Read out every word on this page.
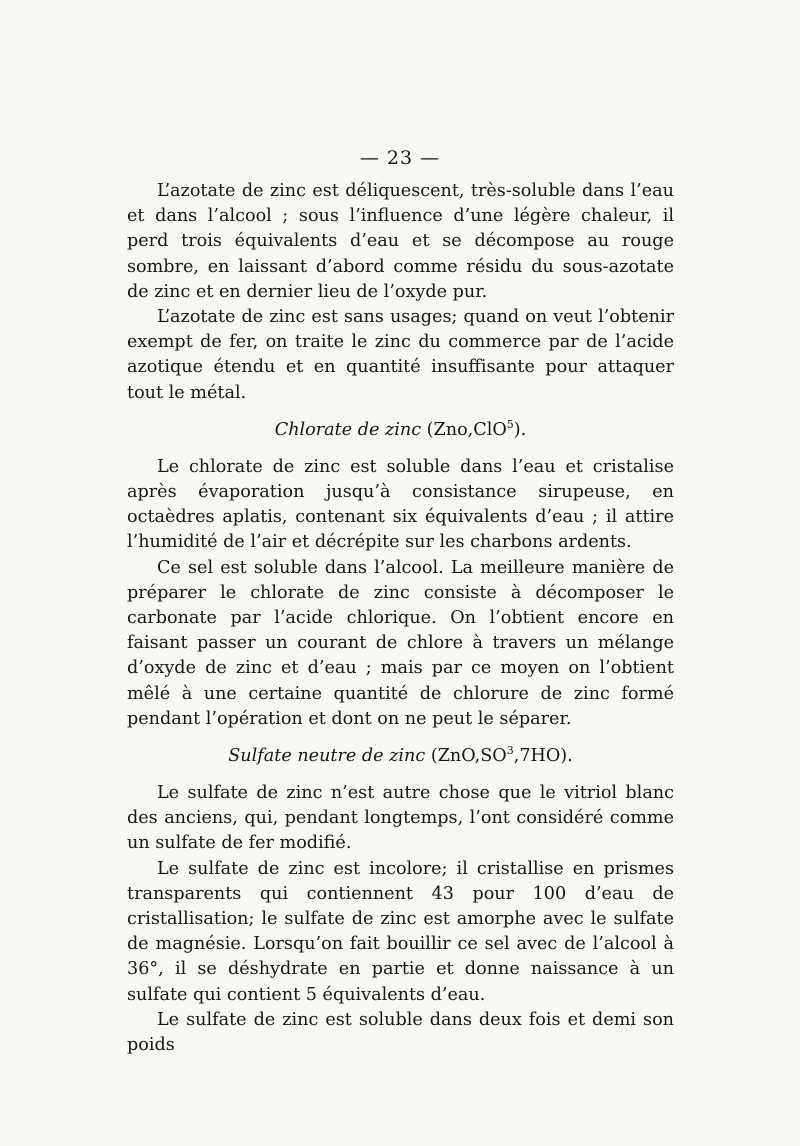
— 23 —

L’azotate de zinc est déliquescent, très-soluble dans l’eau et dans l’alcool ; sous l’influence d’une légère chaleur, il perd trois équivalents d’eau et se décompose au rouge sombre, en laissant d’abord comme résidu du sous-azotate de zinc et en dernier lieu de l’oxyde pur.

L’azotate de zinc est sans usages; quand on veut l’obtenir exempt de fer, on traite le zinc du commerce par de l’acide azotique étendu et en quantité insuffisante pour attaquer tout le métal.

Chlorate de zinc (Zno,ClO$^5$).

Le chlorate de zinc est soluble dans l’eau et cristalise après évaporation jusqu’à consistance sirupeuse, en octaèdres aplatis, contenant six équivalents d’eau ; il attire l’humidité de l’air et décrépite sur les charbons ardents.

Ce sel est soluble dans l’alcool. La meilleure manière de préparer le chlorate de zinc consiste à décomposer le carbonate par l’acide chlorique. On l’obtient encore en faisant passer un courant de chlore à travers un mélange d’oxyde de zinc et d’eau ; mais par ce moyen on l’obtient mêlé à une certaine quantité de chlorure de zinc formé pendant l’opération et dont on ne peut le séparer.

Sulfate neutre de zinc $(ZnO,SO^3,7HO)$.

Le sulfate de zinc n’est autre chose que le vitriol blanc des anciens, qui, pendant longtemps, l’ont considéré comme un sulfate de fer modifié.

Le sulfate de zinc est incolore; il cristallise en prismes transparents qui contiennent 43 pour 100 d’eau de cristallisation; le sulfate de zinc est amorphe avec le sulfate de magnésie. Lorsqu’on fait bouillir ce sel avec de l’alcool à 36°, il se déshydrate en partie et donne naissance à un sulfate qui contient 5 équivalents d’eau.

Le sulfate de zinc est soluble dans deux fois et demi son poids
